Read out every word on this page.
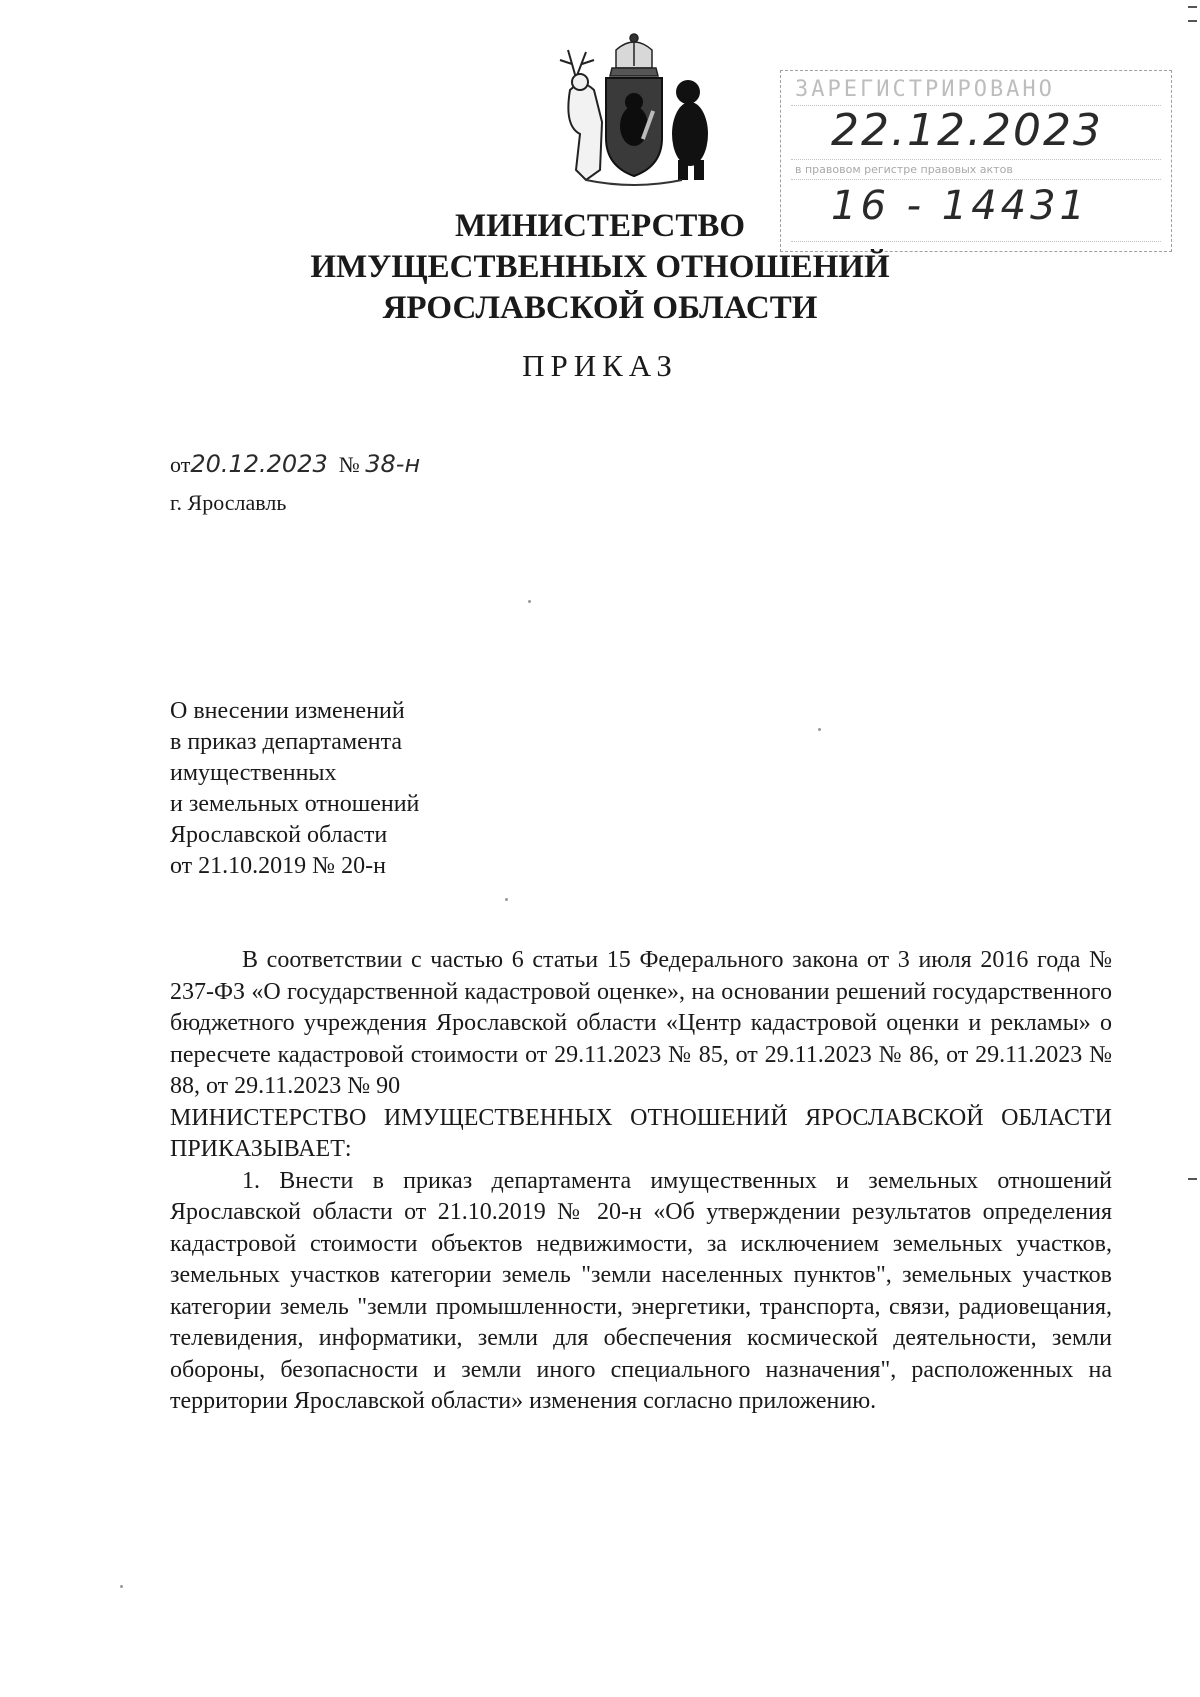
ЗАРЕГИСТРИРОВАНО
22.12.2023
в правовом регистре правовых актов
16 - 14431
МИНИСТЕРСТВО
ИМУЩЕСТВЕННЫХ ОТНОШЕНИЙ
ЯРОСЛАВСКОЙ ОБЛАСТИ
ПРИКАЗ
от20.12.2023 № 38-н
г. Ярославль
О внесении изменений
в приказ департамента
имущественных
и земельных отношений
Ярославской области
от 21.10.2019 № 20-н

В соответствии с частью 6 статьи 15 Федерального закона от 3 июля 2016 года № 237-ФЗ «О государственной кадастровой оценке», на основании решений государственного бюджетного учреждения Ярославской области «Центр кадастровой оценки и рекламы» о пересчете кадастровой стоимости от 29.11.2023 № 85, от 29.11.2023 № 86, от 29.11.2023 № 88, от 29.11.2023 № 90

МИНИСТЕРСТВО ИМУЩЕСТВЕННЫХ ОТНОШЕНИЙ ЯРОСЛАВСКОЙ ОБЛАСТИ ПРИКАЗЫВАЕТ:

1. Внести в приказ департамента имущественных и земельных отношений Ярославской области от 21.10.2019 № 20-н «Об утверждении результатов определения кадастровой стоимости объектов недвижимости, за исключением земельных участков, земельных участков категории земель "земли населенных пунктов", земельных участков категории земель "земли промышленности, энергетики, транспорта, связи, радиовещания, телевидения, информатики, земли для обеспечения космической деятельности, земли обороны, безопасности и земли иного специального назначения", расположенных на территории Ярославской области» изменения согласно приложению.
